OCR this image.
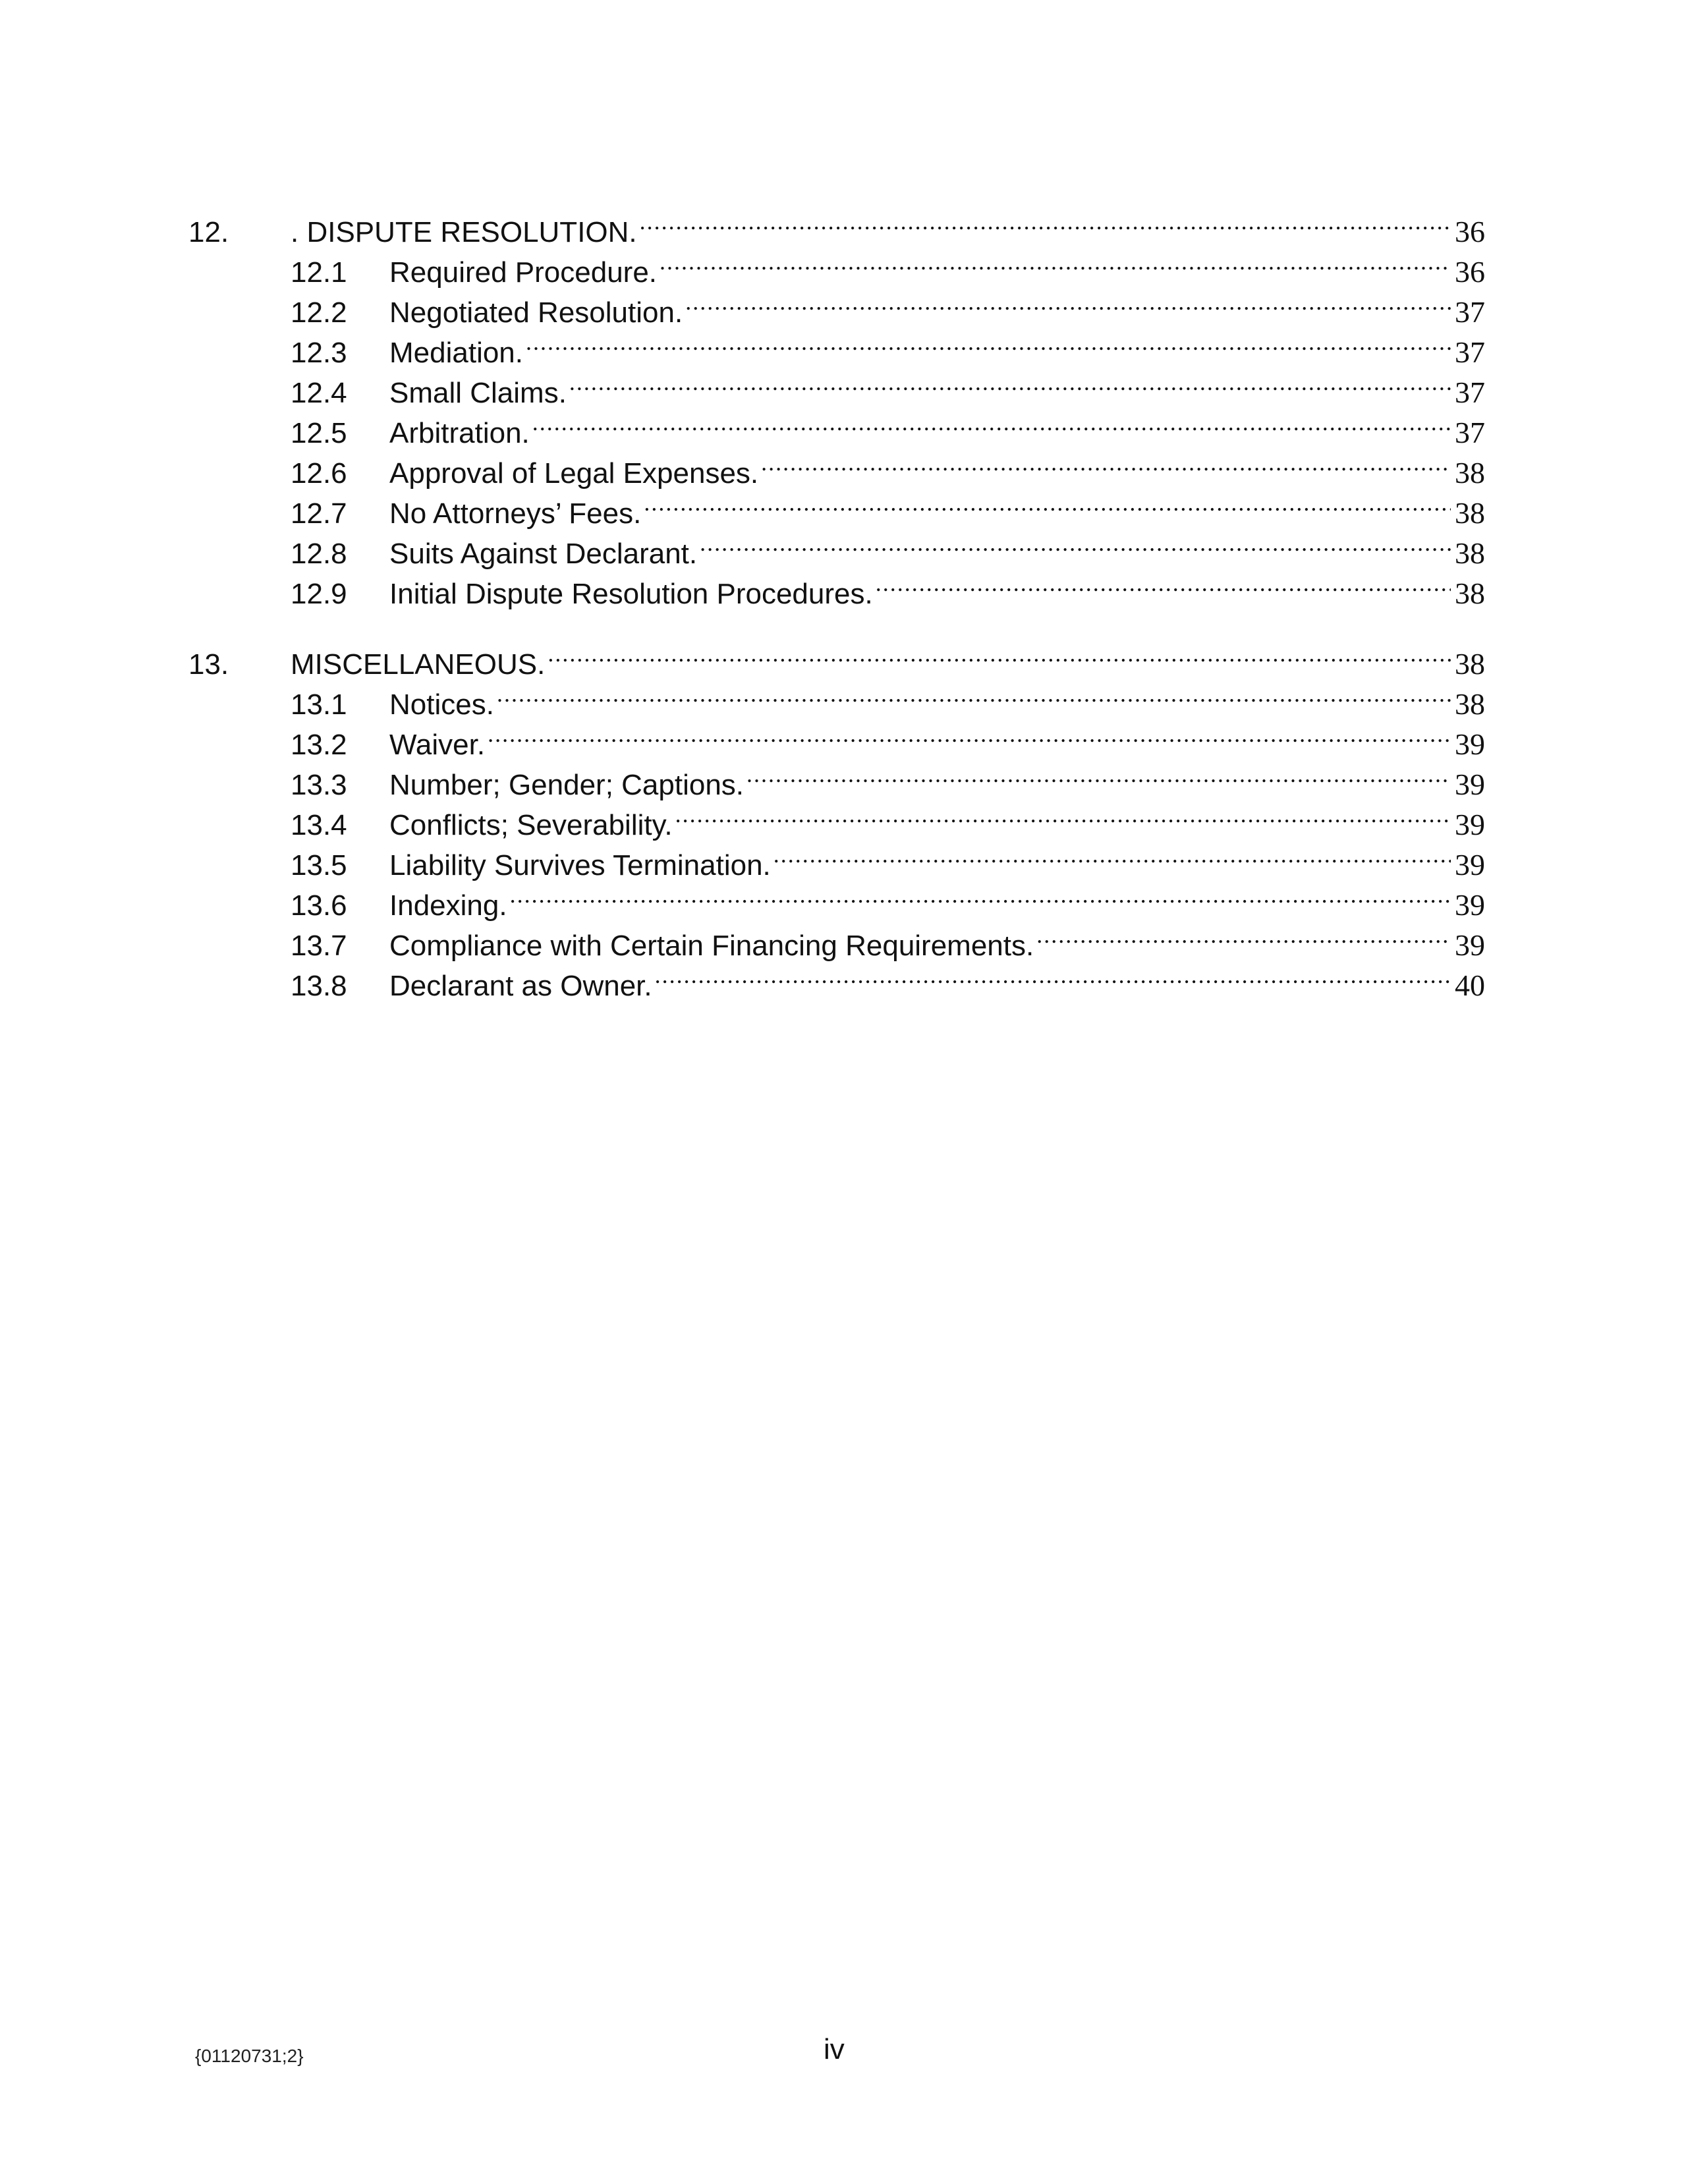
12.	. DISPUTE RESOLUTION. .....	36
12.1	Required Procedure. .....	36
12.2	Negotiated Resolution. .....	37
12.3	Mediation. .....	37
12.4	Small Claims. .....	37
12.5	Arbitration. .....	37
12.6	Approval of Legal Expenses. .....	38
12.7	No Attorneys’ Fees. .....	38
12.8	Suits Against Declarant. .....	38
12.9	Initial Dispute Resolution Procedures. .....	38
13.	MISCELLANEOUS. .....	38
13.1	Notices. .....	38
13.2	Waiver. .....	39
13.3	Number; Gender; Captions. .....	39
13.4	Conflicts; Severability. .....	39
13.5	Liability Survives Termination. .....	39
13.6	Indexing. .....	39
13.7	Compliance with Certain Financing Requirements. .....	39
13.8	Declarant as Owner. .....	40
{01120731;2}	iv
